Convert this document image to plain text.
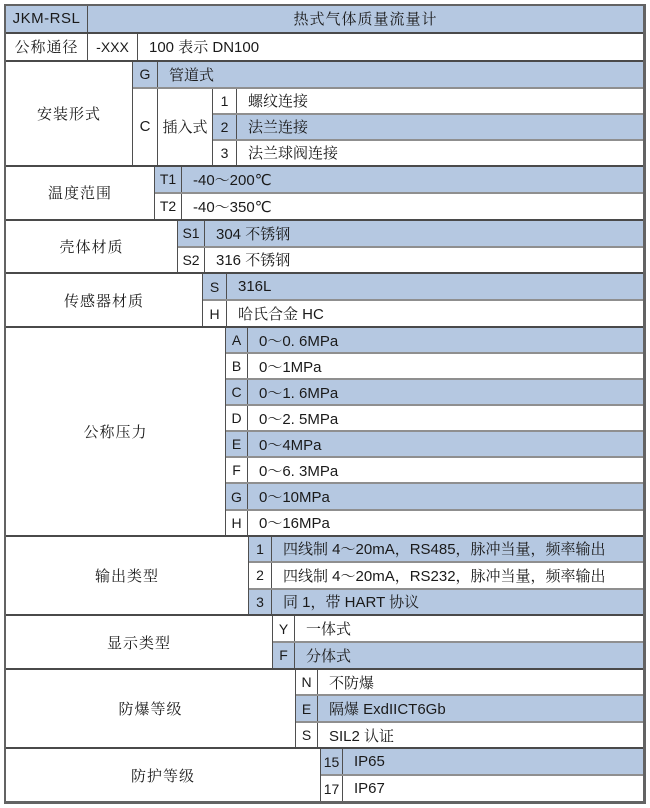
JKM-RSL	热式气体质量流量计
公称通径	-XXX	100 表示 DN100
安装形式
G	管道式
C 插入式
1	螺纹连接
2	法兰连接
3	法兰球阀连接
温度范围
T1	-40～200℃
T2	-40～350℃
壳体材质
S1	304 不锈钢
S2	316 不锈钢
传感器材质
S	316L
H	哈氏合金 HC
公称压力
A	0～0. 6MPa
B	0～1MPa
C	0～1. 6MPa
D	0～2. 5MPa
E	0～4MPa
F	0～6. 3MPa
G	0～10MPa
H	0～16MPa
输出类型
1	四线制 4～20mA，RS485，脉冲当量，频率输出
2	四线制 4～20mA，RS232，脉冲当量，频率输出
3	同 1，带 HART 协议
显示类型
Y	一体式
F	分体式
防爆等级
N	不防爆
E	隔爆 ExdIICT6Gb
S	SIL2 认证
防护等级
15 IP65
17 IP67
